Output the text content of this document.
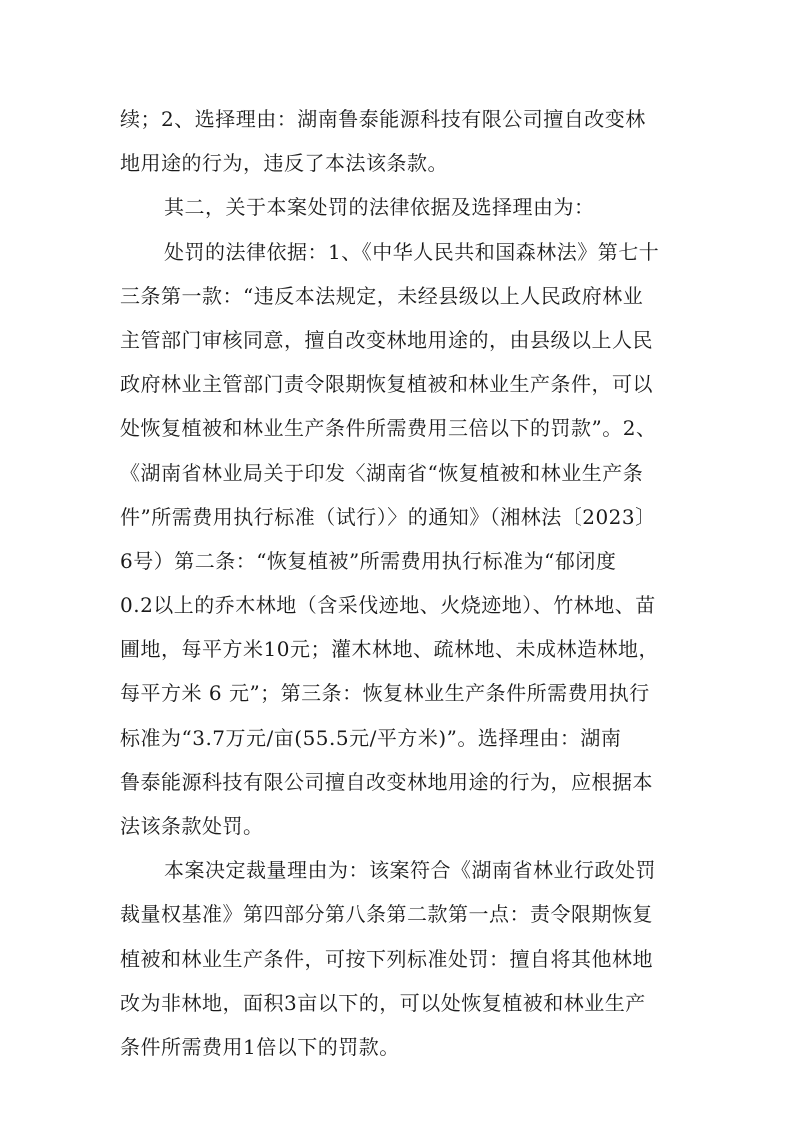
续；2、选择理由：湖南鲁泰能源科技有限公司擅自改变林
地用途的行为，违反了本法该条款。
其二，关于本案处罚的法律依据及选择理由为：
处罚的法律依据：1、《中华人民共和国森林法》第七十
三条第一款：“违反本法规定，未经县级以上人民政府林业
主管部门审核同意，擅自改变林地用途的，由县级以上人民
政府林业主管部门责令限期恢复植被和林业生产条件，可以
处恢复植被和林业生产条件所需费用三倍以下的罚款”。2、
《湖南省林业局关于印发〈湖南省“恢复植被和林业生产条
件”所需费用执行标准（试行）〉的通知》（湘林法〔2023〕
6号）第二条：“恢复植被”所需费用执行标准为“郁闭度
0.2以上的乔木林地（含采伐迹地、火烧迹地）、竹林地、苗
圃地，每平方米10元；灌木林地、疏林地、未成林造林地，
每平方米 6 元”；第三条：恢复林业生产条件所需费用执行
标准为“3.7万元/亩(55.5元/平方米)”。选择理由：湖南
鲁泰能源科技有限公司擅自改变林地用途的行为，应根据本
法该条款处罚。
本案决定裁量理由为：该案符合《湖南省林业行政处罚
裁量权基准》第四部分第八条第二款第一点：责令限期恢复
植被和林业生产条件，可按下列标准处罚：擅自将其他林地
改为非林地，面积3亩以下的，可以处恢复植被和林业生产
条件所需费用1倍以下的罚款。
